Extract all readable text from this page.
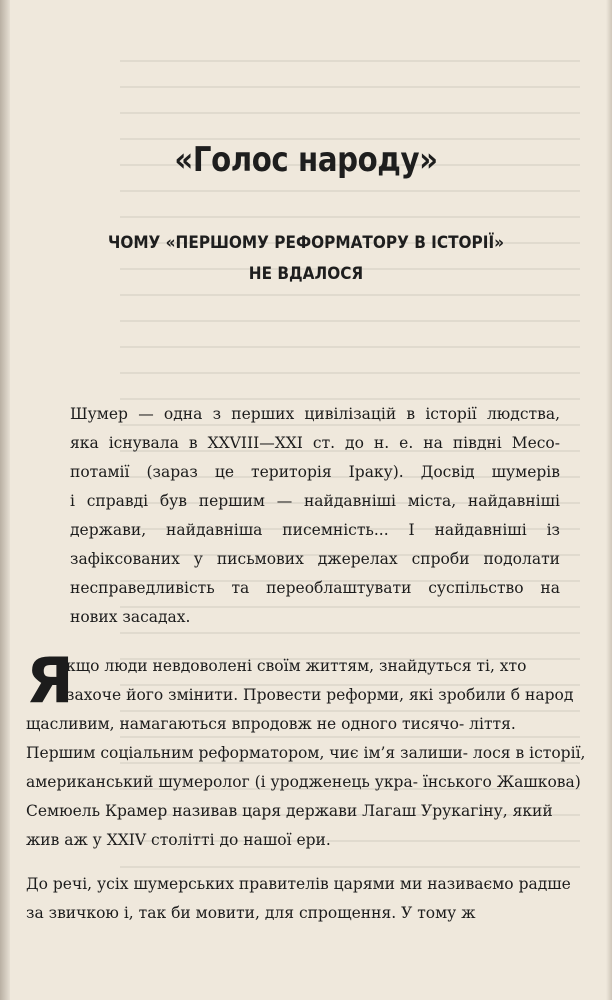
«Голос народу»
ЧОМУ «ПЕРШОМУ РЕФОРМАТОРУ В ІСТОРІЇ»
НЕ ВДАЛОСЯ
Шумер — одна з перших цивілізацій в історії людства,
яка існувала в XXVIII—XXI ст. до н. е. на півдні Месо-
потамії (зараз це територія Іраку). Досвід шумерів
і справді був першим — найдавніші міста, найдавніші
держави, найдавніша писемність... І найдавніші із
зафіксованих у письмових джерелах спроби подолати
несправедливість та переоблаштувати суспільство на
нових засадах.
Я
кщо люди невдоволені своїм життям, знайдуться ті, хто захоче його змінити. Провести реформи, які зробили б народ щасливим, намагаються впродовж не одного тисячо- ліття. Першим соціальним реформатором, чиє ім’я залиши- лося в історії, американський шумеролог (і уродженець укра- їнського Жашкова) Семюель Крамер називав царя держави Лагаш Урукагіну, який жив аж у XXIV столітті до нашої ери.
До речі, усіх шумерських правителів царями ми називаємо радше за звичкою і, так би мовити, для спрощення. У тому ж
